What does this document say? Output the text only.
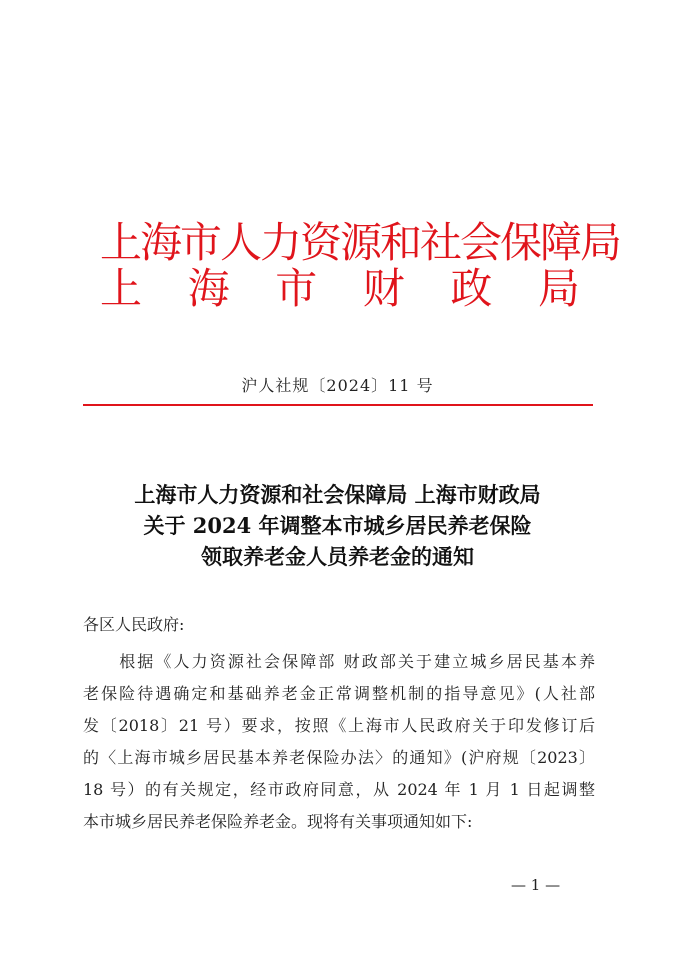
上海市人力资源和社会保障局
上 海 市 财 政 局
沪人社规〔2024〕11 号
上海市人力资源和社会保障局 上海市财政局
关于 2024 年调整本市城乡居民养老保险
领取养老金人员养老金的通知
各区人民政府:
　　根据《人力资源社会保障部 财政部关于建立城乡居民基本养
老保险待遇确定和基础养老金正常调整机制的指导意见》(人社部
发〔2018〕21 号）要求，按照《上海市人民政府关于印发修订后
的〈上海市城乡居民基本养老保险办法〉的通知》(沪府规〔2023〕
18 号）的有关规定，经市政府同意，从 2024 年 1 月 1 日起调整
本市城乡居民养老保险养老金。现将有关事项通知如下:
— 1 —
